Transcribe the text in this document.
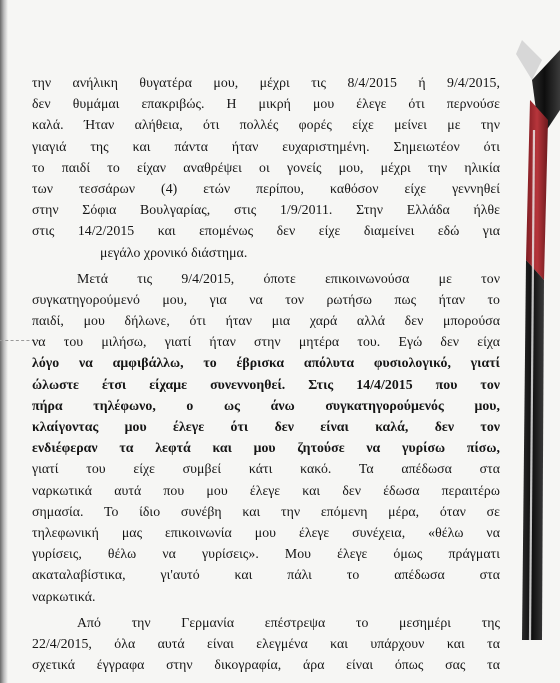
την ανήλικη θυγατέρα μου, μέχρι τις 8/4/2015 ή 9/4/2015,
δεν θυμάμαι επακριβώς. Η μικρή μου έλεγε ότι περνούσε
καλά. Ήταν αλήθεια, ότι πολλές φορές είχε μείνει με την
γιαγιά της και πάντα ήταν ευχαριστημένη. Σημειωτέον ότι
το παιδί το είχαν αναθρέψει οι γονείς μου, μέχρι την ηλικία
των τεσσάρων (4) ετών περίπου, καθόσον είχε γεννηθεί
στην Σόφια Βουλγαρίας, στις 1/9/2011. Στην Ελλάδα ήλθε
στις 14/2/2015 και επομένως δεν είχε διαμείνει εδώ για
μεγάλο χρονικό διάστημα.
Μετά τις 9/4/2015, όποτε επικοινωνούσα με τον
συγκατηγορούμενό μου, για να τον ρωτήσω πως ήταν το
παιδί, μου δήλωνε, ότι ήταν μια χαρά αλλά δεν μπορούσα
να του μιλήσω, γιατί ήταν στην μητέρα του. Εγώ δεν είχα
λόγο να αμφιβάλλω, το έβρισκα απόλυτα φυσιολογικό, γιατί
ώλωστε έτσι είχαμε συνεννοηθεί. Στις 14/4/2015 που τον
πήρα τηλέφωνο, ο ως άνω συγκατηγορούμενός μου,
κλαίγοντας μου έλεγε ότι δεν είναι καλά, δεν τον
ενδιέφεραν τα λεφτά και μου ζητούσε να γυρίσω πίσω,
γιατί του είχε συμβεί κάτι κακό. Τα απέδωσα στα
ναρκωτικά αυτά που μου έλεγε και δεν έδωσα περαιτέρω
σημασία. Το ίδιο συνέβη και την επόμενη μέρα, όταν σε
τηλεφωνική μας επικοινωνία μου έλεγε συνέχεια, «θέλω να
γυρίσεις, θέλω να γυρίσεις». Μου έλεγε όμως πράγματι
ακαταλαβίστικα, γι'αυτό και πάλι το απέδωσα στα
ναρκωτικά.
Από την Γερμανία επέστρεψα το μεσημέρι της
22/4/2015, όλα αυτά είναι ελεγμένα και υπάρχουν και τα
σχετικά έγγραφα στην δικογραφία, άρα είναι όπως σας τα
